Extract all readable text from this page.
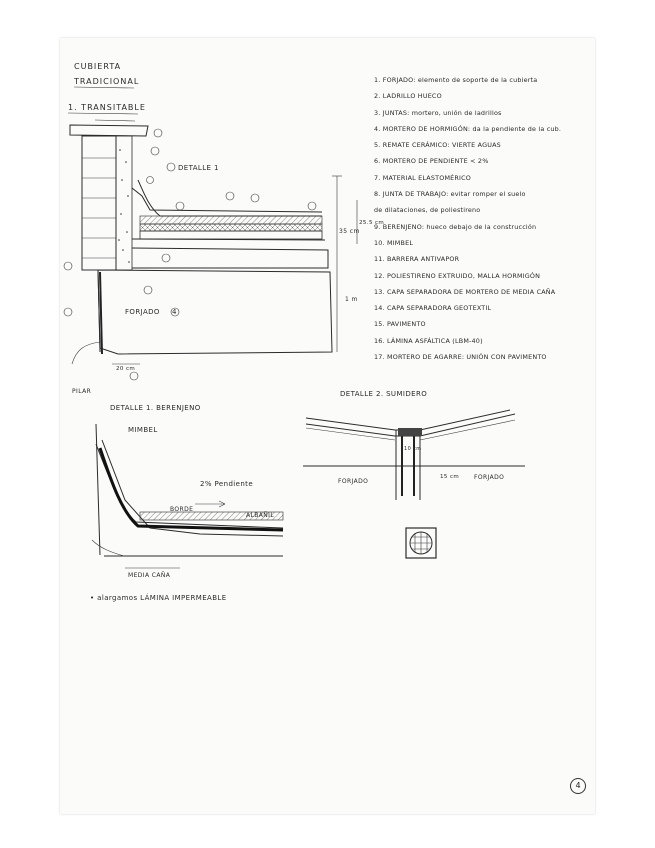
CUBIERTA
TRADICIONAL
1. TRANSITABLE
DETALLE 1
FORJADO 4
35 cm
25.5 cm
1 m
20 cm
PILAR
1. FORJADO: elemento de soporte de la cubierta
2. LADRILLO HUECO
3. JUNTAS: mortero, unión de ladrillos
4. MORTERO DE HORMIGÓN: da la pendiente de la cub.
5. REMATE CERÁMICO: VIERTE AGUAS
6. MORTERO DE PENDIENTE < 2%
7. MATERIAL ELASTOMÉRICO
8. JUNTA DE TRABAJO: evitar romper el suelo
de dilataciones, de poliestireno
9. BERENJENO: hueco debajo de la construcción
10. MIMBEL
11. BARRERA ANTIVAPOR
12. POLIESTIRENO EXTRUIDO, MALLA HORMIGÓN
13. CAPA SEPARADORA DE MORTERO DE MEDIA CAÑA
14. CAPA SEPARADORA GEOTEXTIL
15. PAVIMENTO
16. LÁMINA ASFÁLTICA (LBM-40)
17. MORTERO DE AGARRE: UNIÓN CON PAVIMENTO
DETALLE 1. BERENJENO
MIMBEL
2% Pendiente
BORDE
ALBAÑIL
MEDIA CAÑA
• alargamos LÁMINA IMPERMEABLE
DETALLE 2. SUMIDERO
FORJADO
FORJADO
15 cm
10 cm
4
